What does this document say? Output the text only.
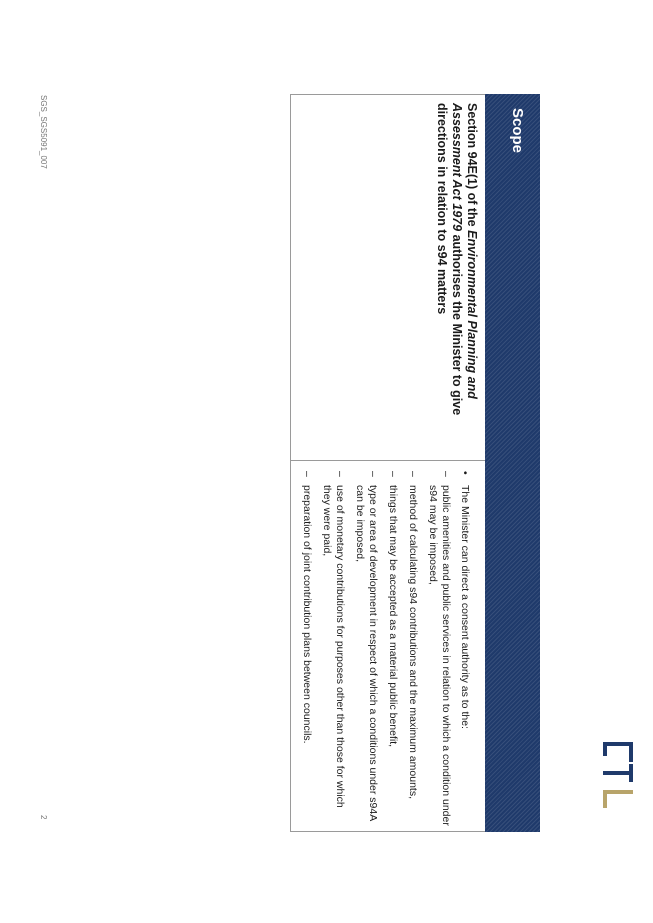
Scope
Section 94E(1) of the Environmental Planning and Assessment Act 1979 authorises the Minister to give directions in relation to s94 matters
•
The Minister can direct a consent authority as to the:
–
public amenities and public services in relation to which a condition under s94 may be imposed,
–
method of calculating s94 contributions and the maximum amounts,
–
things that may be accepted as a material public benefit,
–
type or area of development in respect of which a conditions under s94A can be imposed,
–
use of monetary contributions for purposes other than those for which they were paid,
–
preparation of joint contribution plans between councils.
SGS_SGS5091_007
2
